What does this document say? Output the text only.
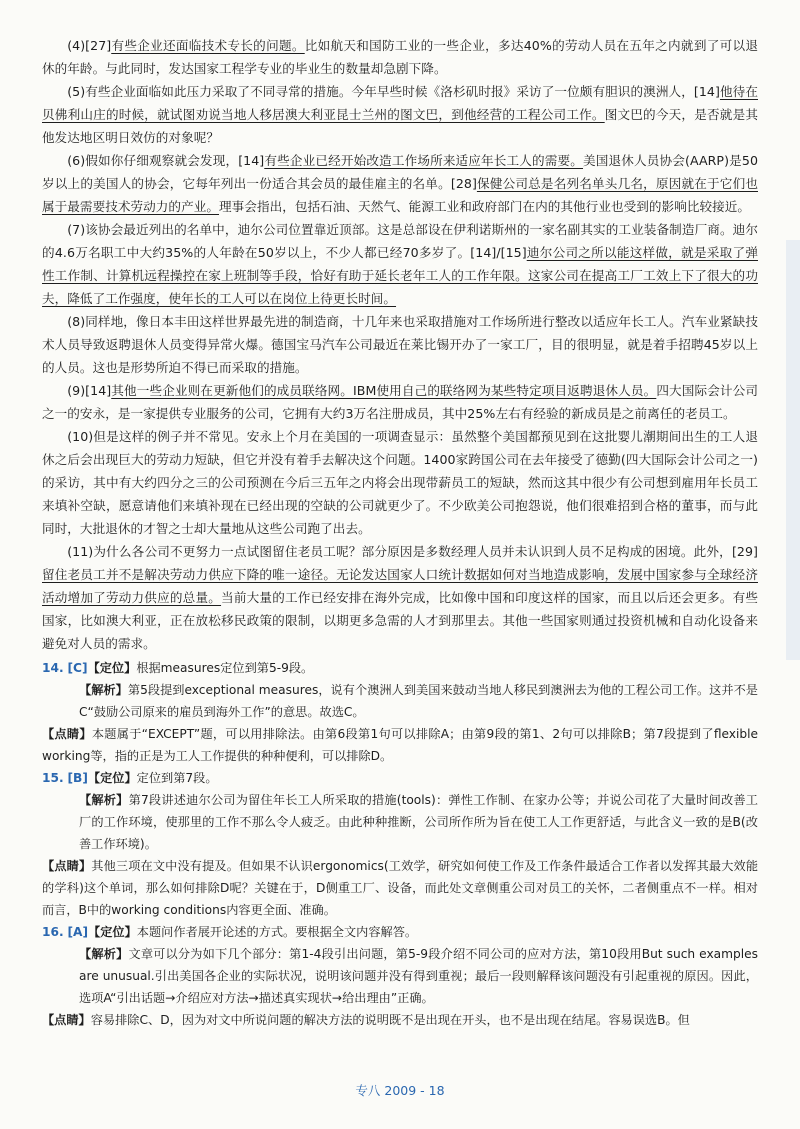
(4)[27]有些企业还面临技术专长的问题。比如航天和国防工业的一些企业，多达40%的劳动人员在五年之内就到了可以退休的年龄。与此同时，发达国家工程学专业的毕业生的数量却急剧下降。

(5)有些企业面临如此压力采取了不同寻常的措施。今年早些时候《洛杉矶时报》采访了一位颇有胆识的澳洲人，[14]他待在贝佛利山庄的时候，就试图劝说当地人移居澳大利亚昆士兰州的图文巴，到他经营的工程公司工作。图文巴的今天，是否就是其他发达地区明日效仿的对象呢？

(6)假如你仔细观察就会发现，[14]有些企业已经开始改造工作场所来适应年长工人的需要。美国退休人员协会(AARP)是50岁以上的美国人的协会，它每年列出一份适合其会员的最佳雇主的名单。[28]保健公司总是名列名单头几名，原因就在于它们也属于最需要技术劳动力的产业。理事会指出，包括石油、天然气、能源工业和政府部门在内的其他行业也受到的影响比较接近。

(7)该协会最近列出的名单中，迪尔公司位置靠近顶部。这是总部设在伊利诺斯州的一家名副其实的工业装备制造厂商。迪尔的4.6万名职工中大约35%的人年龄在50岁以上，不少人都已经70多岁了。[14]/[15]迪尔公司之所以能这样做，就是采取了弹性工作制、计算机远程操控在家上班制等手段，恰好有助于延长老年工人的工作年限。这家公司在提高工厂工效上下了很大的功夫，降低了工作强度，使年长的工人可以在岗位上待更长时间。

(8)同样地，像日本丰田这样世界最先进的制造商，十几年来也采取措施对工作场所进行整改以适应年长工人。汽车业紧缺技术人员导致返聘退休人员变得异常火爆。德国宝马汽车公司最近在莱比锡开办了一家工厂，目的很明显，就是着手招聘45岁以上的人员。这也是形势所迫不得已而采取的措施。

(9)[14]其他一些企业则在更新他们的成员联络网。IBM使用自己的联络网为某些特定项目返聘退休人员。四大国际会计公司之一的安永，是一家提供专业服务的公司，它拥有大约3万名注册成员，其中25%左右有经验的新成员是之前离任的老员工。

(10)但是这样的例子并不常见。安永上个月在美国的一项调查显示：虽然整个美国都预见到在这批婴儿潮期间出生的工人退休之后会出现巨大的劳动力短缺，但它并没有着手去解决这个问题。1400家跨国公司在去年接受了德勤(四大国际会计公司之一)的采访，其中有大约四分之三的公司预测在今后三五年之内将会出现带薪员工的短缺，然而这其中很少有公司想到雇用年长员工来填补空缺，愿意请他们来填补现在已经出现的空缺的公司就更少了。不少欧美公司抱怨说，他们很难招到合格的董事，而与此同时，大批退休的才智之士却大量地从这些公司跑了出去。

(11)为什么各公司不更努力一点试图留住老员工呢？部分原因是多数经理人员并未认识到人员不足构成的困境。此外，[29]留住老员工并不是解决劳动力供应下降的唯一途径。无论发达国家人口统计数据如何对当地造成影响，发展中国家参与全球经济活动增加了劳动力供应的总量。当前大量的工作已经安排在海外完成，比如像中国和印度这样的国家，而且以后还会更多。有些国家，比如澳大利亚，正在放松移民政策的限制，以期更多急需的人才到那里去。其他一些国家则通过投资机械和自动化设备来避免对人员的需求。

14. [C]【定位】根据measures定位到第5-9段。

【解析】第5段提到exceptional measures，说有个澳洲人到美国来鼓动当地人移民到澳洲去为他的工程公司工作。这并不是C“鼓励公司原来的雇员到海外工作”的意思。故选C。

【点睛】本题属于“EXCEPT”题，可以用排除法。由第6段第1句可以排除A；由第9段的第1、2句可以排除B；第7段提到了flexible working等，指的正是为工人工作提供的种种便利，可以排除D。

15. [B]【定位】定位到第7段。

【解析】第7段讲述迪尔公司为留住年长工人所采取的措施(tools)：弹性工作制、在家办公等；并说公司花了大量时间改善工厂的工作环境，使那里的工作不那么令人疲乏。由此种种推断，公司所作所为旨在使工人工作更舒适，与此含义一致的是B(改善工作环境)。

【点睛】其他三项在文中没有提及。但如果不认识ergonomics(工效学，研究如何使工作及工作条件最适合工作者以发挥其最大效能的学科)这个单词，那么如何排除D呢？关键在于，D侧重工厂、设备，而此处文章侧重公司对员工的关怀，二者侧重点不一样。相对而言，B中的working conditions内容更全面、准确。

16. [A]【定位】本题问作者展开论述的方式。要根据全文内容解答。

【解析】文章可以分为如下几个部分：第1-4段引出问题，第5-9段介绍不同公司的应对方法，第10段用But such examples are unusual.引出美国各企业的实际状况，说明该问题并没有得到重视；最后一段则解释该问题没有引起重视的原因。因此，选项A“引出话题→介绍应对方法→描述真实现状→给出理由”正确。

【点睛】容易排除C、D，因为对文中所说问题的解决方法的说明既不是出现在开头，也不是出现在结尾。容易误选B。但

专八 2009 - 18
